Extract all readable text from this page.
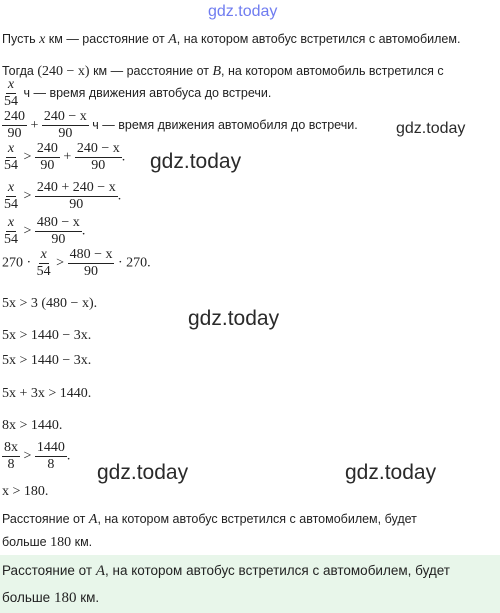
gdz.today
Пусть x км — расстояние от A, на котором автобус встретился с автомобилем.
Тогда (240 − x) км — расстояние от B, на котором автомобиль встретился с
$\frac{x}{54}$ ч — время движения автобуса до встречи.
$\frac{240}{90} + \frac{240 - x}{90}$ ч — время движения автомобиля до встречи. gdz.today
$\frac{x}{54} > \frac{240}{90} + \frac{240 - x}{90}$ . gdz.today
$\frac{x}{54} > \frac{240 + 240 - x}{90}$ .
$\frac{x}{54} > \frac{480 - x}{90}$ .
$270 \cdot \frac{x}{54} > \frac{480 - x}{90} \cdot 270$.
5x > 3 (480 − x).
gdz.today
5x > 1440 − 3x.
5x > 1440 − 3x.
5x + 3x > 1440.
8x > 1440.
$\frac{8x}{8} > \frac{1440}{8}$ .
gdz.today	gdz.today
x > 180.
Расстояние от A, на котором автобус встретился с автомобилем, будет
больше 180 км.
Расстояние от A, на котором автобус встретился с автомобилем, будет
больше 180 км.
